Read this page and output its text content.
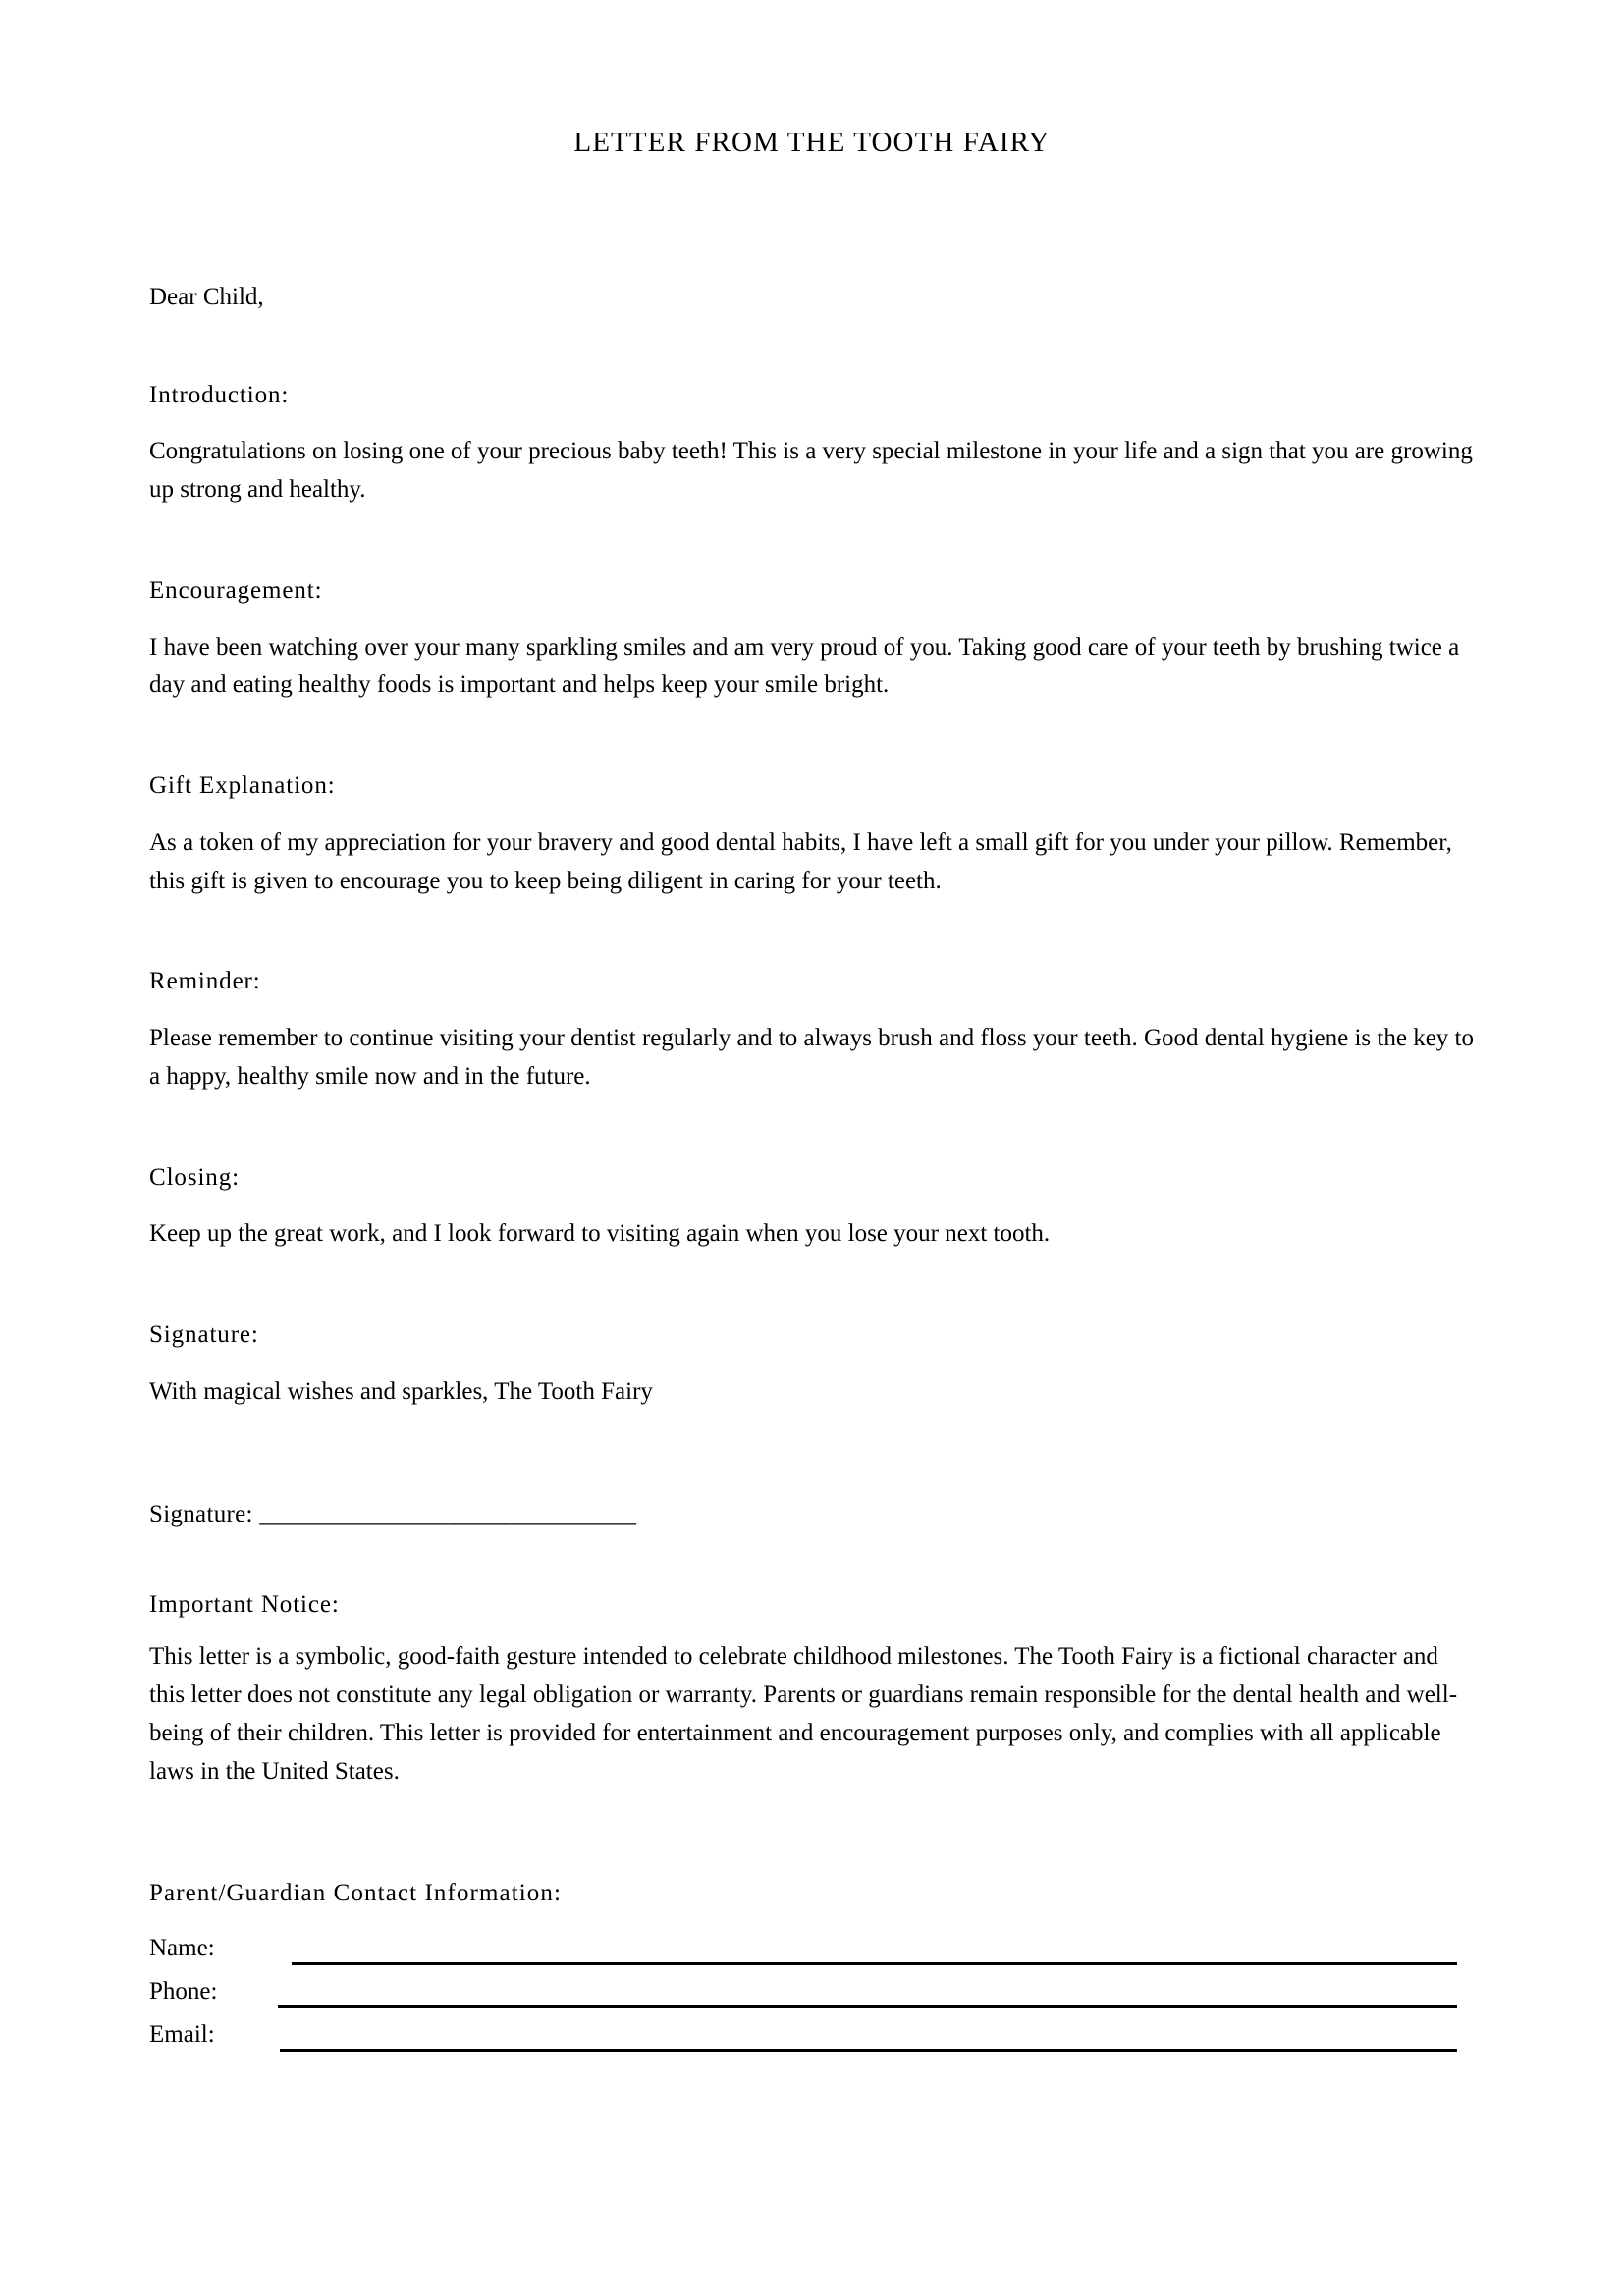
LETTER FROM THE TOOTH FAIRY
Dear Child,
Introduction:
Congratulations on losing one of your precious baby teeth! This is a very special milestone in your life and a sign that you are growing up strong and healthy.
Encouragement:
I have been watching over your many sparkling smiles and am very proud of you. Taking good care of your teeth by brushing twice a day and eating healthy foods is important and helps keep your smile bright.
Gift Explanation:
As a token of my appreciation for your bravery and good dental habits, I have left a small gift for you under your pillow. Remember, this gift is given to encourage you to keep being diligent in caring for your teeth.
Reminder:
Please remember to continue visiting your dentist regularly and to always brush and floss your teeth. Good dental hygiene is the key to a happy, healthy smile now and in the future.
Closing:
Keep up the great work, and I look forward to visiting again when you lose your next tooth.
Signature:
With magical wishes and sparkles, The Tooth Fairy
Signature: ______________________________
Important Notice:
This letter is a symbolic, good-faith gesture intended to celebrate childhood milestones. The Tooth Fairy is a fictional character and this letter does not constitute any legal obligation or warranty. Parents or guardians remain responsible for the dental health and well-being of their children. This letter is provided for entertainment and encouragement purposes only, and complies with all applicable laws in the United States.
Parent/Guardian Contact Information:
Name:
Phone:
Email:
